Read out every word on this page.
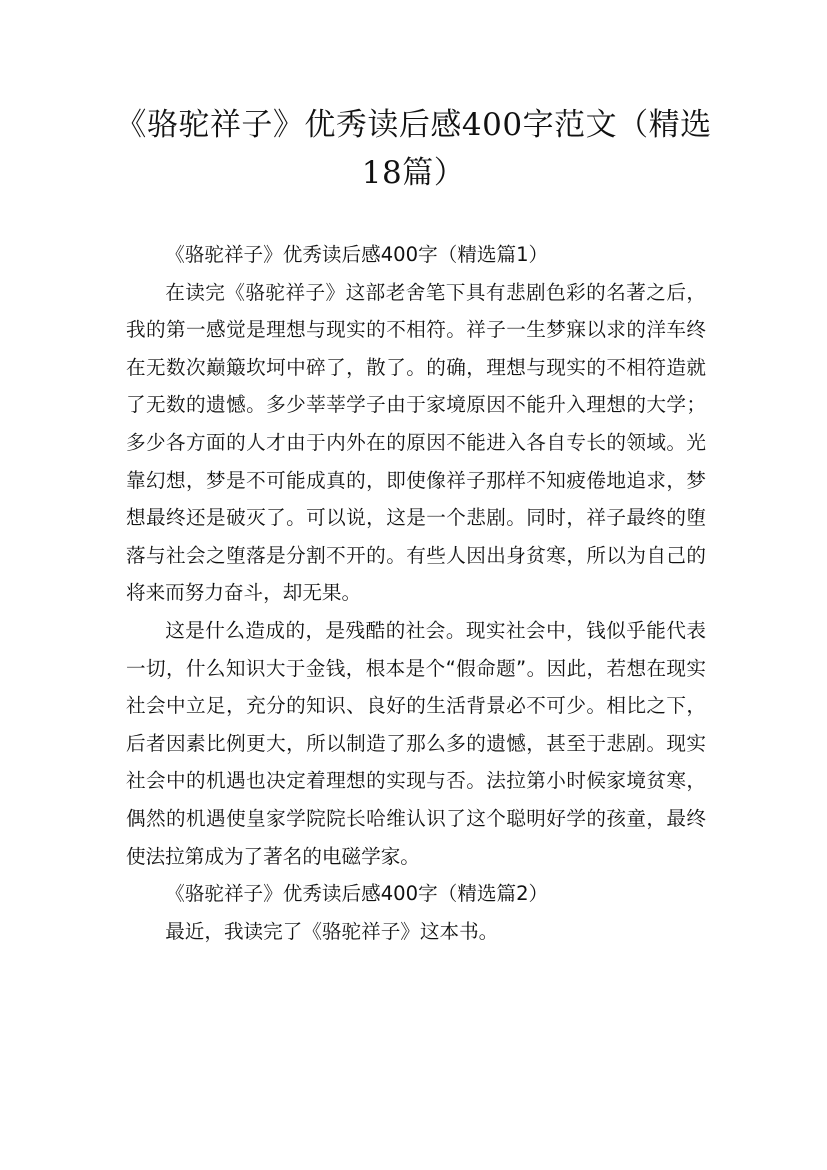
《骆驼祥子》优秀读后感400字范文（精选
18篇）

《骆驼祥子》优秀读后感400字（精选篇1）

在读完《骆驼祥子》这部老舍笔下具有悲剧色彩的名著之后，我的第一感觉是理想与现实的不相符。祥子一生梦寐以求的洋车终在无数次巅簸坎坷中碎了，散了。的确，理想与现实的不相符造就了无数的遗憾。多少莘莘学子由于家境原因不能升入理想的大学；多少各方面的人才由于内外在的原因不能进入各自专长的领域。光靠幻想，梦是不可能成真的，即使像祥子那样不知疲倦地追求，梦想最终还是破灭了。可以说，这是一个悲剧。同时，祥子最终的堕落与社会之堕落是分割不开的。有些人因出身贫寒，所以为自己的将来而努力奋斗，却无果。

这是什么造成的，是残酷的社会。现实社会中，钱似乎能代表一切，什么知识大于金钱，根本是个“假命题”。因此，若想在现实社会中立足，充分的知识、良好的生活背景必不可少。相比之下，后者因素比例更大，所以制造了那么多的遗憾，甚至于悲剧。现实社会中的机遇也决定着理想的实现与否。法拉第小时候家境贫寒，偶然的机遇使皇家学院院长哈维认识了这个聪明好学的孩童，最终使法拉第成为了著名的电磁学家。

《骆驼祥子》优秀读后感400字（精选篇2）

最近，我读完了《骆驼祥子》这本书。
